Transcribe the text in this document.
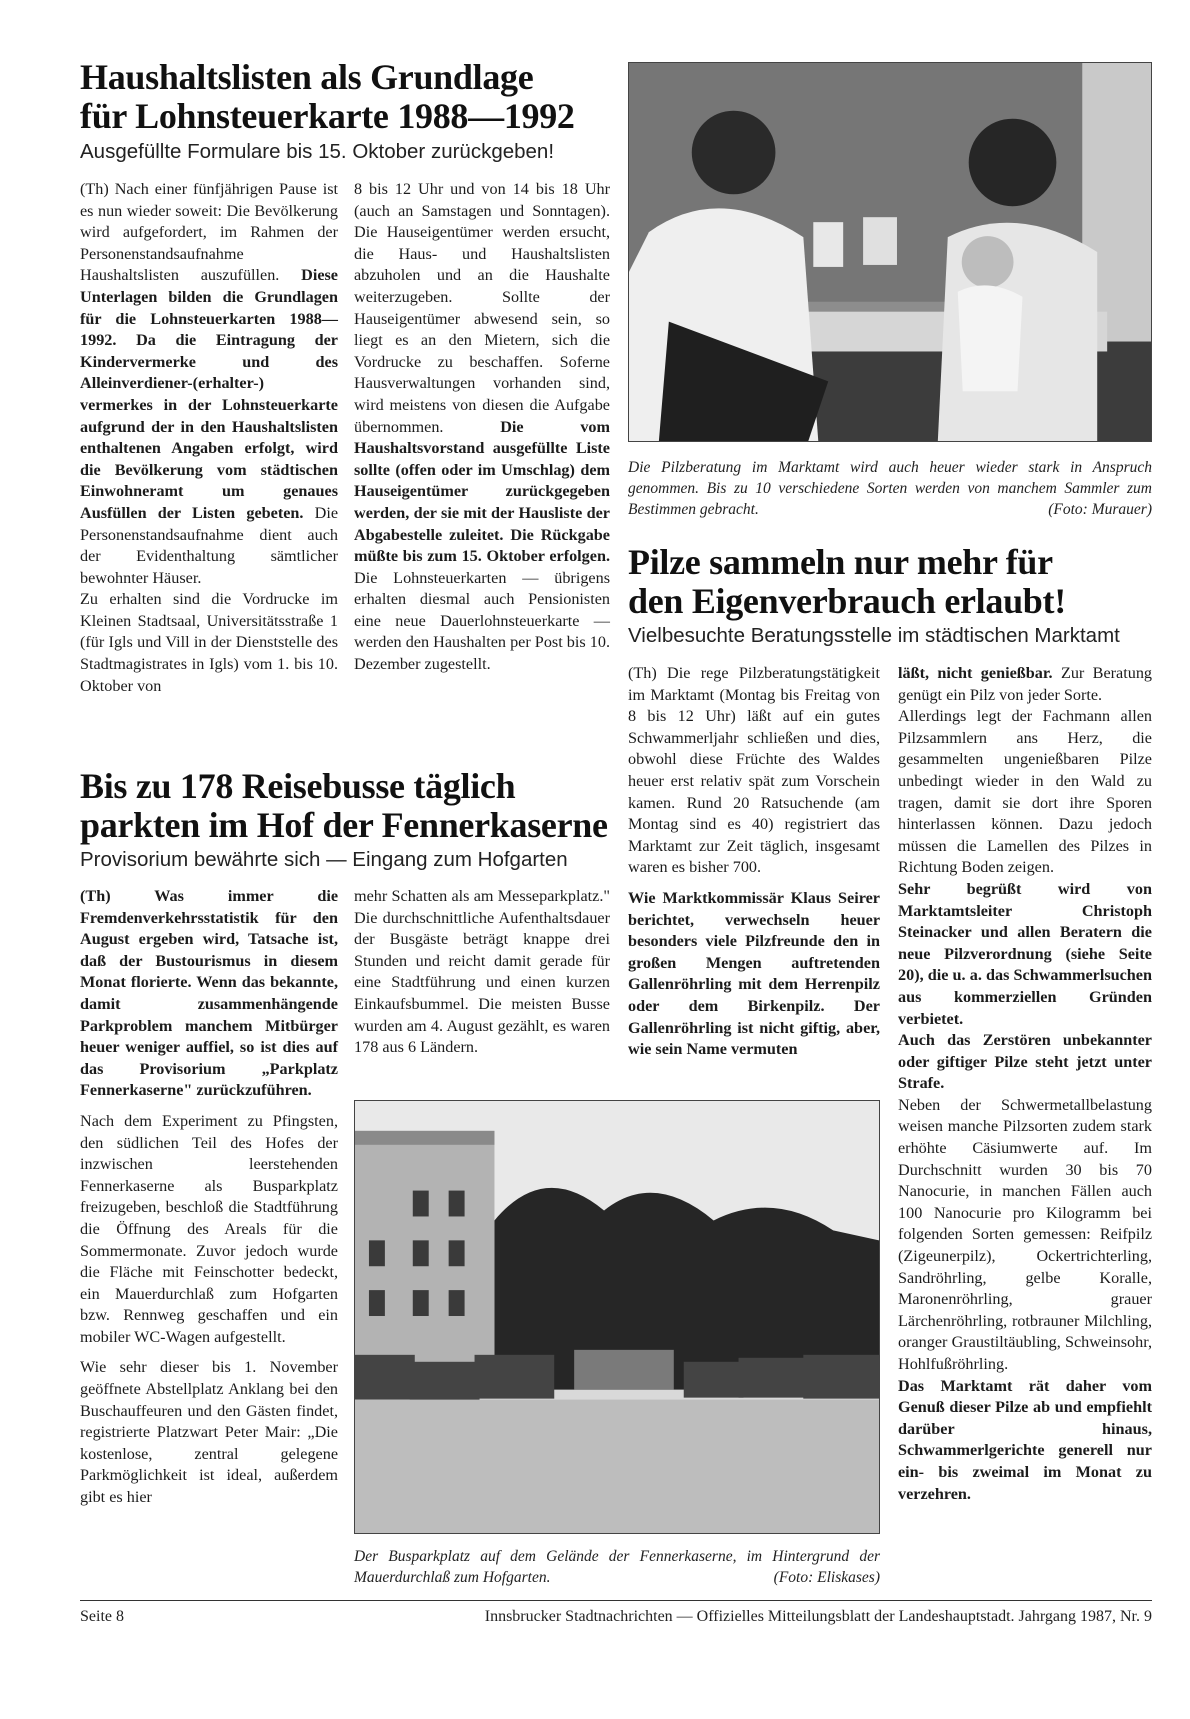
Haushaltslisten als Grundlage
für Lohnsteuerkarte 1988—1992
Ausgefüllte Formulare bis 15. Oktober zurückgeben!

(Th) Nach einer fünfjährigen Pause ist es nun wieder soweit: Die Bevölkerung wird aufgefordert, im Rahmen der Personenstandsaufnahme Haushaltslisten auszufüllen. Diese Unterlagen bilden die Grundlagen für die Lohnsteuerkarten 1988—1992. Da die Eintragung der Kindervermerke und des Alleinverdiener-(erhalter-) vermerkes in der Lohnsteuerkarte aufgrund der in den Haushaltslisten enthaltenen Angaben erfolgt, wird die Bevölkerung vom städtischen Einwohneramt um genaues Ausfüllen der Listen gebeten. Die Personenstandsaufnahme dient auch der Evidenthaltung sämtlicher bewohnter Häuser.

Zu erhalten sind die Vordrucke im Kleinen Stadtsaal, Universitätsstraße 1 (für Igls und Vill in der Dienststelle des Stadtmagistrates in Igls) vom 1. bis 10. Oktober von

8 bis 12 Uhr und von 14 bis 18 Uhr (auch an Samstagen und Sonntagen). Die Hauseigentümer werden ersucht, die Haus- und Haushaltslisten abzuholen und an die Haushalte weiterzugeben. Sollte der Hauseigentümer abwesend sein, so liegt es an den Mietern, sich die Vordrucke zu beschaffen. Soferne Hausverwaltungen vorhanden sind, wird meistens von diesen die Aufgabe übernommen.	Die vom Haushaltsvorstand ausgefüllte Liste sollte (offen oder im Umschlag) dem Hauseigentümer zurückgegeben werden, der sie mit der Hausliste der Abgabestelle zuleitet. Die Rückgabe müßte bis zum 15. Oktober erfolgen. Die Lohnsteuerkarten — übrigens erhalten diesmal auch Pensionisten eine neue Dauerlohnsteuerkarte — werden den Haushalten per Post bis 10. Dezember zugestellt.

Die Pilzberatung im Marktamt wird auch heuer wieder stark in Anspruch genommen. Bis zu 10 verschiedene Sorten werden von manchem Sammler zum Bestimmen gebracht.	(Foto: Murauer)
Pilze sammeln nur mehr für
den Eigenverbrauch erlaubt!
Vielbesuchte Beratungsstelle im städtischen Marktamt

(Th) Die rege Pilzberatungstätigkeit im Marktamt (Montag bis Freitag von 8 bis 12 Uhr) läßt auf ein gutes Schwammerljahr schließen und dies, obwohl diese Früchte des Waldes heuer erst relativ spät zum Vorschein kamen. Rund 20 Ratsuchende (am Montag sind es 40) registriert das Marktamt zur Zeit täglich, insgesamt waren es bisher 700.

Wie Marktkommissär Klaus Seirer berichtet, verwechseln heuer besonders viele Pilzfreunde den in großen Mengen auftretenden Gallenröhrling mit dem Herrenpilz oder dem Birkenpilz. Der Gallenröhrling ist nicht giftig, aber, wie sein Name vermuten

läßt, nicht genießbar. Zur Beratung genügt ein Pilz von jeder Sorte.

Allerdings legt der Fachmann allen Pilzsammlern ans Herz, die gesammelten ungenießbaren Pilze unbedingt wieder in den Wald zu tragen, damit sie dort ihre Sporen hinterlassen können. Dazu jedoch müssen die Lamellen des Pilzes in Richtung Boden zeigen.

Sehr begrüßt wird von Marktamtsleiter Christoph Steinacker und allen Beratern die neue Pilzverordnung (siehe Seite 20), die u. a. das Schwammerlsuchen aus kommerziellen Gründen verbietet.

Auch das Zerstören unbekannter oder giftiger Pilze steht jetzt unter Strafe.

Neben der Schwermetallbelastung weisen manche Pilzsorten zudem stark erhöhte Cäsiumwerte auf. Im Durchschnitt wurden 30 bis 70 Nanocurie, in manchen Fällen auch 100 Nanocurie pro Kilogramm bei folgenden Sorten gemessen: Reifpilz (Zigeunerpilz), Ockertrichterling, Sandröhrling, gelbe Koralle, Maronenröhrling, grauer Lärchenröhrling, rotbrauner Milchling, oranger Graustiltäubling, Schweinsohr, Hohlfußröhrling.

Das Marktamt rät daher vom Genuß dieser Pilze ab und empfiehlt darüber hinaus, Schwammerlgerichte generell nur ein- bis zweimal im Monat zu verzehren.

Bis zu 178 Reisebusse täglich
parkten im Hof der Fennerkaserne
Provisorium bewährte sich — Eingang zum Hofgarten

(Th) Was immer die Fremdenverkehrsstatistik für den August ergeben wird, Tatsache ist, daß der Bustourismus in diesem Monat florierte. Wenn das bekannte, damit zusammenhängende Parkproblem manchem Mitbürger heuer weniger auffiel, so ist dies auf das Provisorium „Parkplatz Fennerkaserne" zurückzuführen.

Nach dem Experiment zu Pfingsten, den südlichen Teil des Hofes der inzwischen leerstehenden Fennerkaserne als Busparkplatz freizugeben, beschloß die Stadtführung die Öffnung des Areals für die Sommermonate. Zuvor jedoch wurde die Fläche mit Feinschotter bedeckt, ein Mauerdurchlaß zum Hofgarten bzw. Rennweg geschaffen und ein mobiler WC-Wagen aufgestellt.

Wie sehr dieser bis 1. November geöffnete Abstellplatz Anklang bei den Buschauffeuren und den Gästen findet, registrierte Platzwart Peter Mair: „Die kostenlose, zentral gelegene Parkmöglichkeit ist ideal, außerdem gibt es hier

mehr Schatten als am Messeparkplatz." Die durchschnittliche Aufenthaltsdauer der Busgäste beträgt knappe drei Stunden und reicht damit gerade für eine Stadtführung und einen kurzen Einkaufsbummel. Die meisten Busse wurden am 4. August gezählt, es waren 178 aus 6 Ländern.

Der Busparkplatz auf dem Gelände der Fennerkaserne, im Hintergrund der Mauerdurchlaß zum Hofgarten.	(Foto: Eliskases)
Seite 8	Innsbrucker Stadtnachrichten — Offizielles Mitteilungsblatt der Landeshauptstadt. Jahrgang 1987, Nr. 9
